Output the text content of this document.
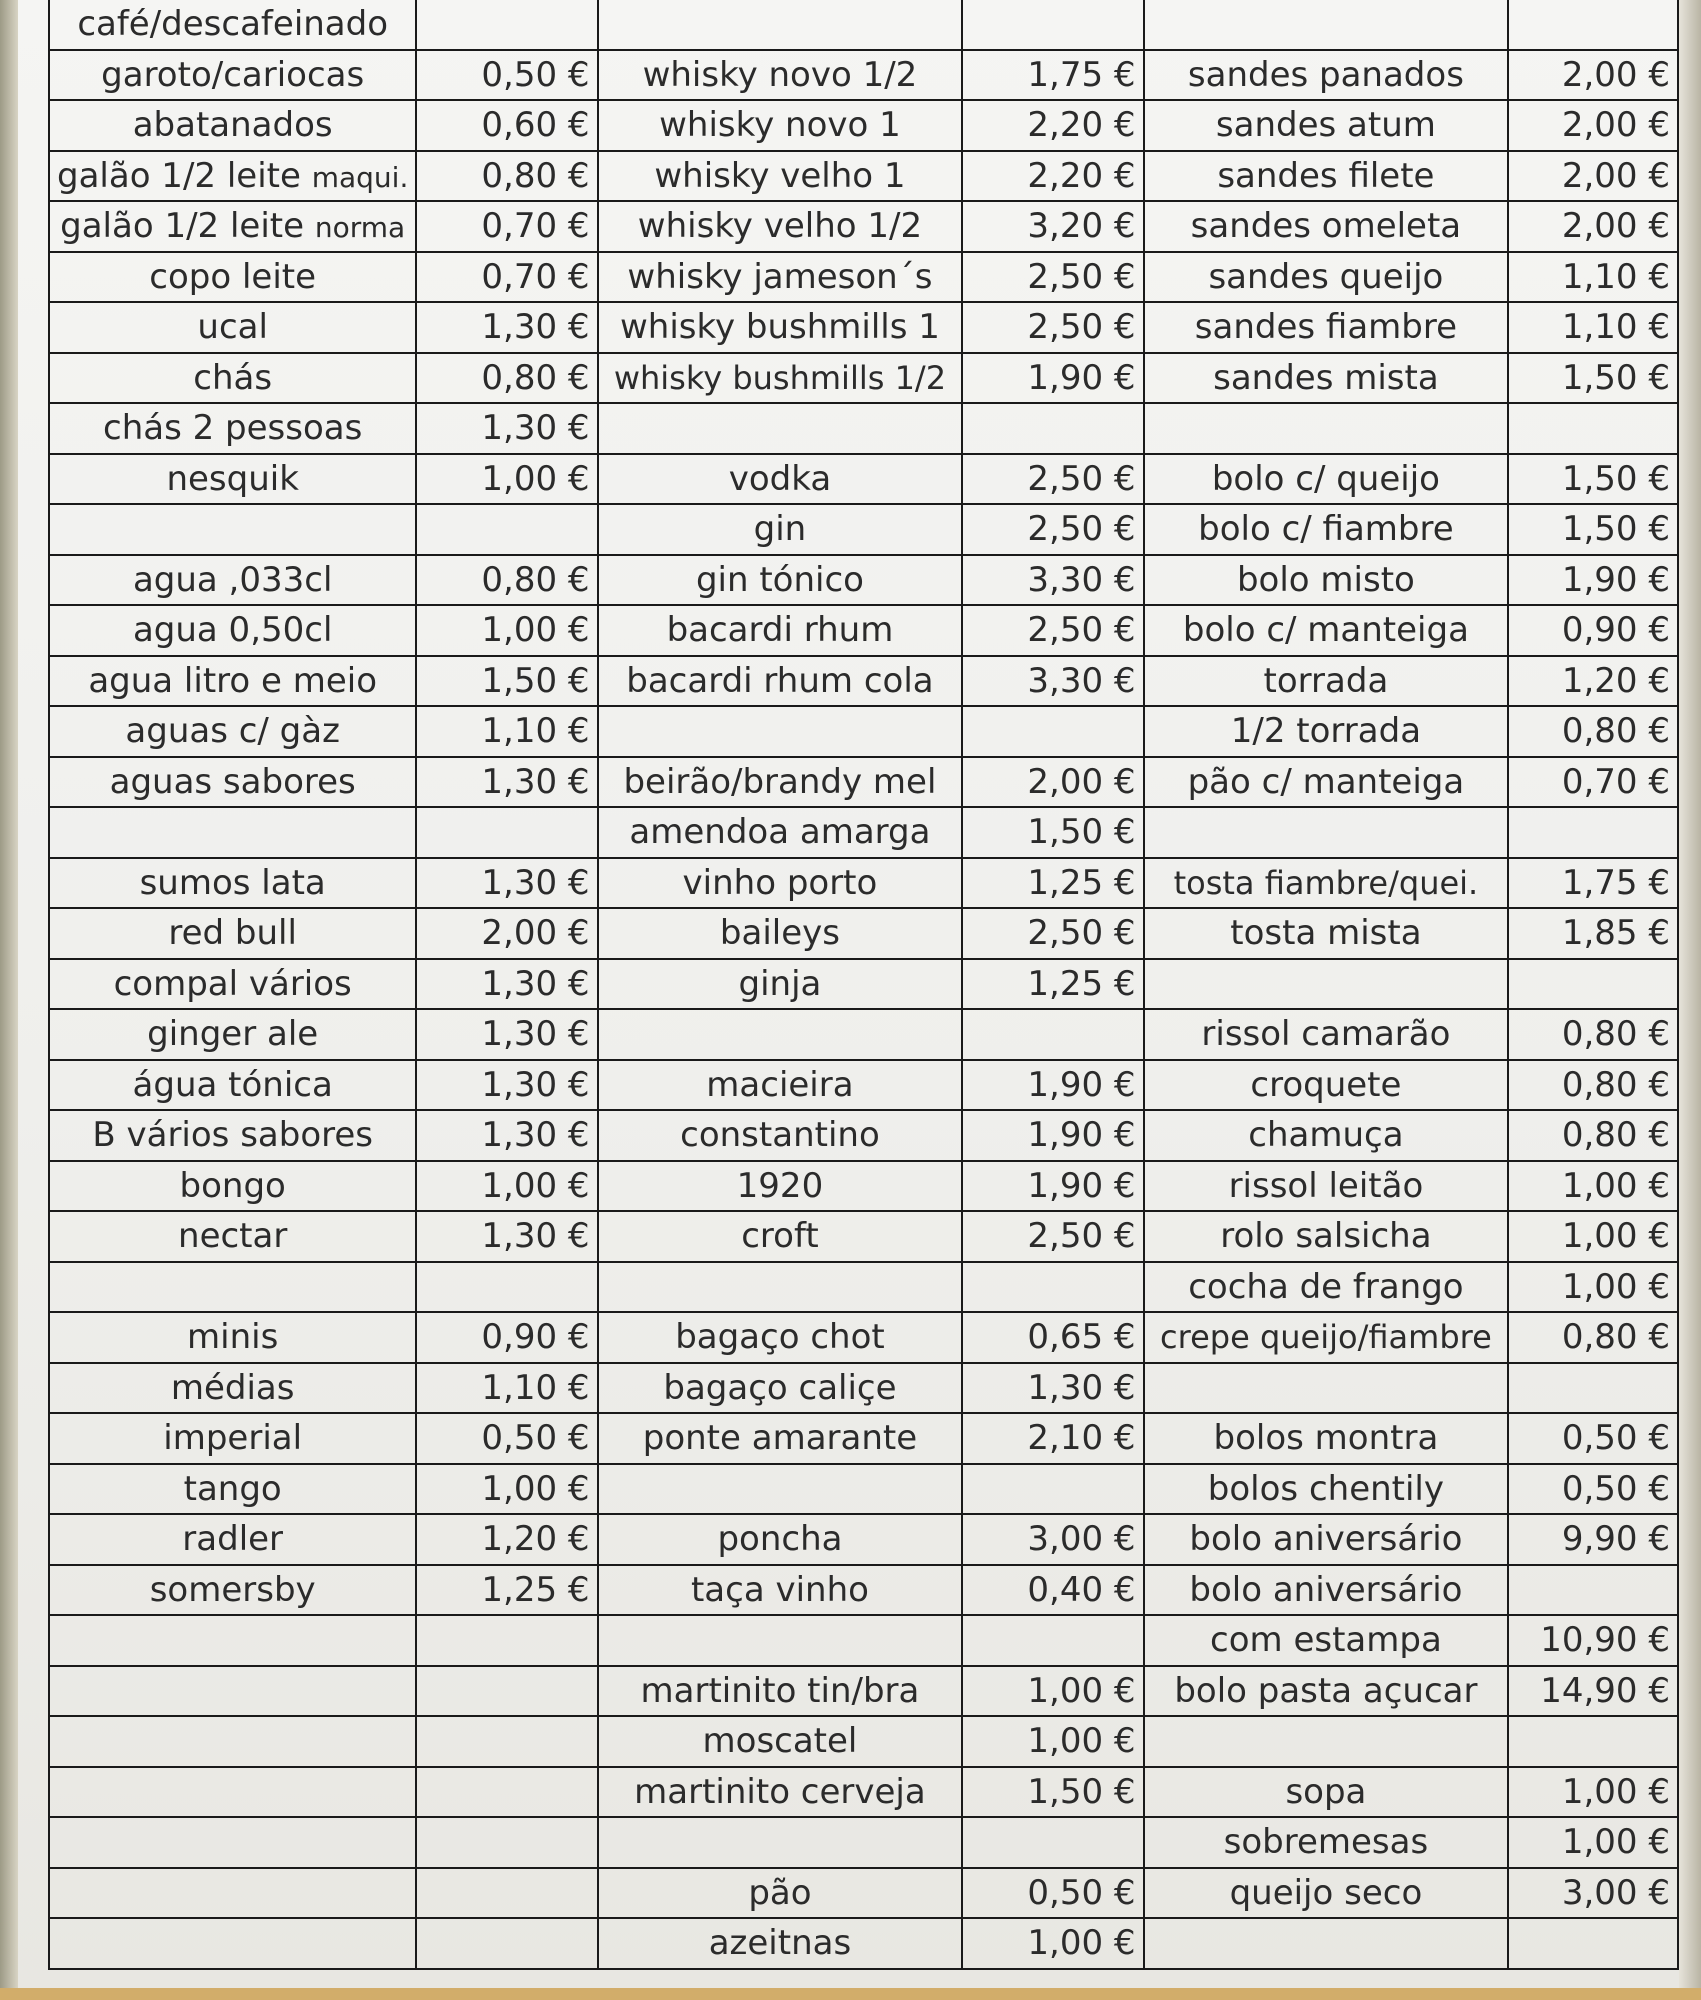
café/descafeinado					
garoto/cariocas	0,50 €	whisky novo 1/2	1,75 €	sandes panados	2,00 €
abatanados	0,60 €	whisky novo 1	2,20 €	sandes atum	2,00 €
galão 1/2 leite maqui.	0,80 €	whisky velho 1	2,20 €	sandes filete	2,00 €
galão 1/2 leite norma	0,70 €	whisky velho 1/2	3,20 €	sandes omeleta	2,00 €
copo leite	0,70 €	whisky jameson´s	2,50 €	sandes queijo	1,10 €
ucal	1,30 €	whisky bushmills 1	2,50 €	sandes fiambre	1,10 €
chás	0,80 €	whisky bushmills 1/2	1,90 €	sandes mista	1,50 €
chás 2 pessoas	1,30 €				
nesquik	1,00 €	vodka	2,50 €	bolo c/ queijo	1,50 €
		gin	2,50 €	bolo c/ fiambre	1,50 €
agua ,033cl	0,80 €	gin tónico	3,30 €	bolo misto	1,90 €
agua 0,50cl	1,00 €	bacardi rhum	2,50 €	bolo c/ manteiga	0,90 €
agua litro e meio	1,50 €	bacardi rhum cola	3,30 €	torrada	1,20 €
aguas c/ gàz	1,10 €			1/2 torrada	0,80 €
aguas sabores	1,30 €	beirão/brandy mel	2,00 €	pão c/ manteiga	0,70 €
		amendoa amarga	1,50 €		
sumos lata	1,30 €	vinho porto	1,25 €	tosta fiambre/quei.	1,75 €
red bull	2,00 €	baileys	2,50 €	tosta mista	1,85 €
compal vários	1,30 €	ginja	1,25 €		
ginger ale	1,30 €			rissol camarão	0,80 €
água tónica	1,30 €	macieira	1,90 €	croquete	0,80 €
B vários sabores	1,30 €	constantino	1,90 €	chamuça	0,80 €
bongo	1,00 €	1920	1,90 €	rissol leitão	1,00 €
nectar	1,30 €	croft	2,50 €	rolo salsicha	1,00 €
				cocha de frango	1,00 €
minis	0,90 €	bagaço chot	0,65 €	crepe queijo/fiambre	0,80 €
médias	1,10 €	bagaço caliçe	1,30 €		
imperial	0,50 €	ponte amarante	2,10 €	bolos montra	0,50 €
tango	1,00 €			bolos chentily	0,50 €
radler	1,20 €	poncha	3,00 €	bolo aniversário	9,90 €
somersby	1,25 €	taça vinho	0,40 €	bolo aniversário	
				com estampa	10,90 €
		martinito tin/bra	1,00 €	bolo pasta açucar	14,90 €
		moscatel	1,00 €		
		martinito cerveja	1,50 €	sopa	1,00 €
				sobremesas	1,00 €
		pão	0,50 €	queijo seco	3,00 €
		azeitnas	1,00 €		
